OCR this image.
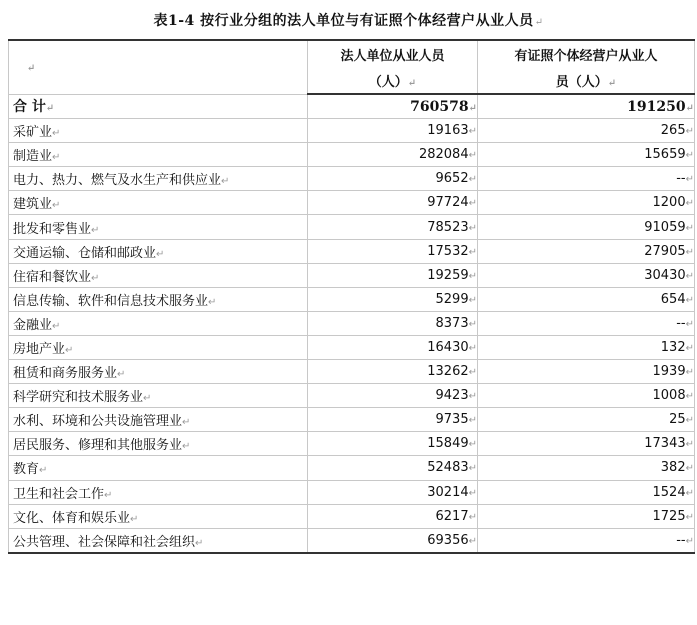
表1-4 按行业分组的法人单位与有证照个体经营户从业人员↵
↵	法人单位从业人员	有证照个体经营户从业人
	（人）↵	员（人）↵
合 计↵	760578↵	191250↵
采矿业↵	19163↵	265↵
制造业↵	282084↵	15659↵
电力、热力、燃气及水生产和供应业↵	9652↵	--↵
建筑业↵	97724↵	1200↵
批发和零售业↵	78523↵	91059↵
交通运输、仓储和邮政业↵	17532↵	27905↵
住宿和餐饮业↵	19259↵	30430↵
信息传输、软件和信息技术服务业↵	5299↵	654↵
金融业↵	8373↵	--↵
房地产业↵	16430↵	132↵
租赁和商务服务业↵	13262↵	1939↵
科学研究和技术服务业↵	9423↵	1008↵
水利、环境和公共设施管理业↵	9735↵	25↵
居民服务、修理和其他服务业↵	15849↵	17343↵
教育↵	52483↵	382↵
卫生和社会工作↵	30214↵	1524↵
文化、体育和娱乐业↵	6217↵	1725↵
公共管理、社会保障和社会组织↵	69356↵	--↵
